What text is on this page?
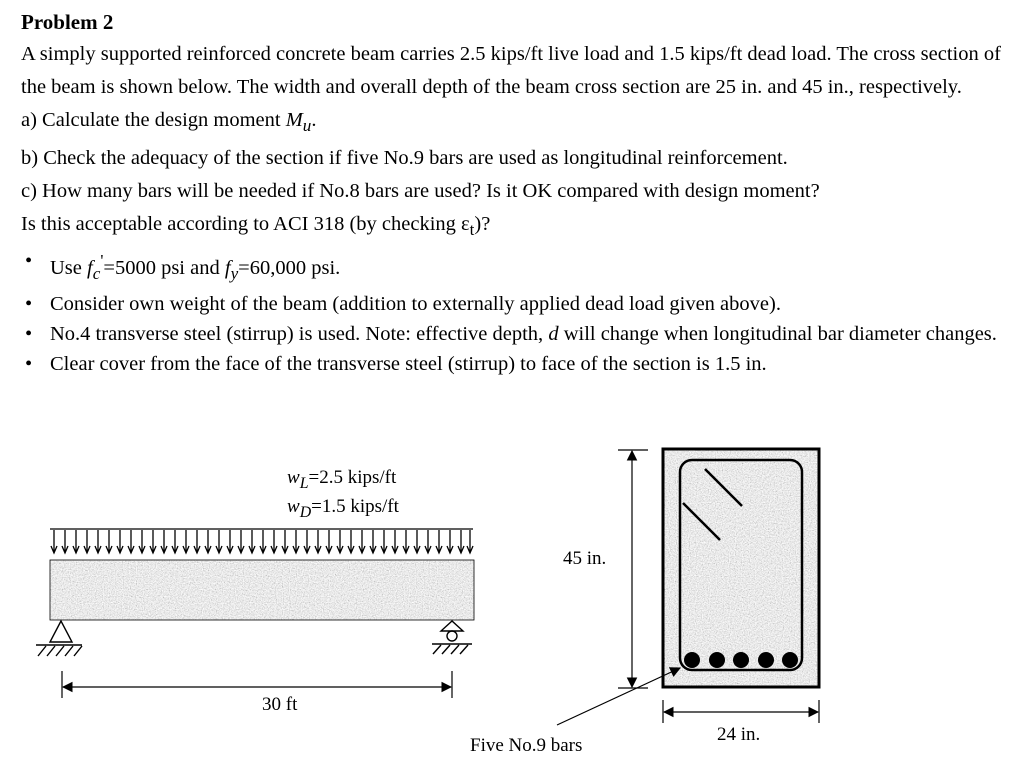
Problem 2

A simply supported reinforced concrete beam carries 2.5 kips/ft live load and 1.5 kips/ft dead load. The cross section of the beam is shown below. The width and overall depth of the beam cross section are 25 in. and 45 in., respectively.

a) Calculate the design moment $M_u$.

b) Check the adequacy of the section if five No.9 bars are used as longitudinal reinforcement.

c) How many bars will be needed if No.8 bars are used? Is it OK compared with design moment?

Is this acceptable according to ACI 318 (by checking $\varepsilon_t$)?

• Use $f_c'=5000$ psi and $f_y=60,000$ psi.
• Consider own weight of the beam (addition to externally applied dead load given above).
• No.4 transverse steel (stirrup) is used. Note: effective depth, d will change when longitudinal bar diameter changes.
• Clear cover from the face of the transverse steel (stirrup) to face of the section is 1.5 in.
$w_L=2.5$ kips/ft
$w_D=1.5$ kips/ft
45 in.
30 ft
24 in.
Five No.9 bars
